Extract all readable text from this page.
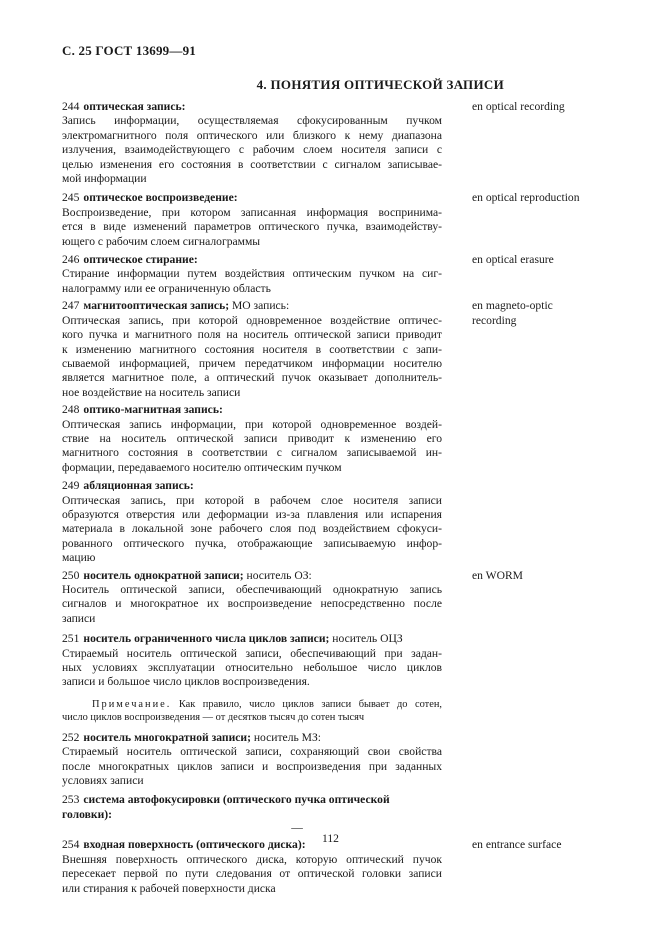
С. 25 ГОСТ 13699—91
4. ПОНЯТИЯ ОПТИЧЕСКОЙ ЗАПИСИ
244 оптическая запись:
Запись информации, осуществляемая сфокусированным пучком
электромагнитного поля оптического или близкого к нему диапазона
излучения, взаимодействующего с рабочим слоем носителя записи с
целью изменения его состояния в соответствии с сигналом записывае-
мой информации
en optical recording
245 оптическое воспроизведение:
Воспроизведение, при котором записанная информация воспринима-
ется в виде изменений параметров оптического пучка, взаимодейству-
ющего с рабочим слоем сигналограммы
en optical reproduction
246 оптическое стирание:
Стирание информации путем воздействия оптическим пучком на сиг-
налограмму или ее ограниченную область
en optical erasure
247 магнитооптическая запись; МО запись:
Оптическая запись, при которой одновременное воздействие оптичес-
кого пучка и магнитного поля на носитель оптической записи приводит
к изменению магнитного состояния носителя в соответствии с запи-
сываемой информацией, причем передатчиком информации носителю
является магнитное поле, а оптический пучок оказывает дополнитель-
ное воздействие на носитель записи
en magneto-optic
recording
248 оптико-магнитная запись:
Оптическая запись информации, при которой одновременное воздей-
ствие на носитель оптической записи приводит к изменению его
магнитного состояния в соответствии с сигналом записываемой ин-
формации, передаваемого носителю оптическим пучком
249 абляционная запись:
Оптическая запись, при которой в рабочем слое носителя записи
образуются отверстия или деформации из-за плавления или испарения
материала в локальной зоне рабочего слоя под воздействием сфокуси-
рованного оптического пучка, отображающие записываемую инфор-
мацию
250 носитель однократной записи; носитель ОЗ:
Носитель оптической записи, обеспечивающий однократную запись
сигналов и многократное их воспроизведение непосредственно после
записи
en WORM
251 носитель ограниченного числа циклов записи; носитель ОЦЗ
Стираемый носитель оптической записи, обеспечивающий при задан-
ных условиях эксплуатации относительно небольшое число циклов
записи и большое число циклов воспроизведения.
Примечание. Как правило, число циклов записи бывает до сотен,
число циклов воспроизведения — от десятков тысяч до сотен тысяч
252 носитель многократной записи; носитель МЗ:
Стираемый носитель оптической записи, сохраняющий свои свойства
после многократных циклов записи и воспроизведения при заданных
условиях записи
253 система автофокусировки (оптического пучка оптической головки):
—
254 входная поверхность (оптического диска):
Внешняя поверхность оптического диска, которую оптический пучок
пересекает первой по пути следования от оптической головки записи
или стирания к рабочей поверхности диска
en entrance surface
112
